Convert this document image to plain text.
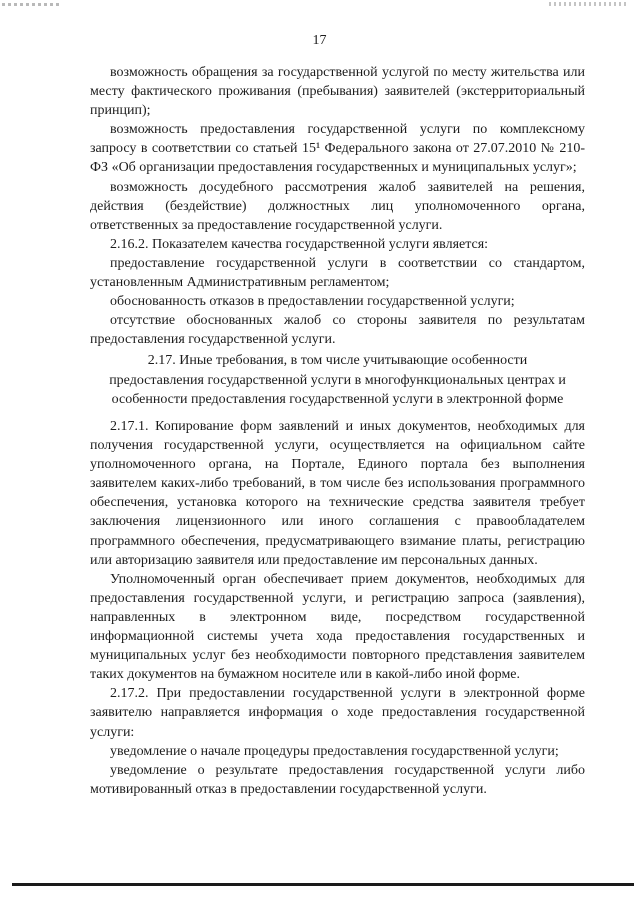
17

возможность обращения за государственной услугой по месту жительства или месту фактического проживания (пребывания) заявителей (экстерриториальный принцип);

возможность предоставления государственной услуги по комплексному запросу в соответствии со статьей 15¹ Федерального закона от 27.07.2010 № 210-ФЗ «Об организации предоставления государственных и муниципальных услуг»;

возможность досудебного рассмотрения жалоб заявителей на решения, действия (бездействие) должностных лиц уполномоченного органа, ответственных за предоставление государственной услуги.

2.16.2. Показателем качества государственной услуги является:

предоставление государственной услуги в соответствии со стандартом, установленным Административным регламентом;

обоснованность отказов в предоставлении государственной услуги;

отсутствие обоснованных жалоб со стороны заявителя по результатам предоставления государственной услуги.

2.17. Иные требования, в том числе учитывающие особенности

предоставления государственной услуги в многофункциональных центрах и

особенности предоставления государственной услуги в электронной форме

2.17.1. Копирование форм заявлений и иных документов, необходимых для получения государственной услуги, осуществляется на официальном сайте уполномоченного органа, на Портале, Единого портала без выполнения заявителем каких-либо требований, в том числе без использования программного обеспечения, установка которого на технические средства заявителя требует заключения лицензионного или иного соглашения с правообладателем программного обеспечения, предусматривающего взимание платы, регистрацию или авторизацию заявителя или предоставление им персональных данных.

Уполномоченный орган обеспечивает прием документов, необходимых для предоставления государственной услуги, и регистрацию запроса (заявления), направленных в электронном виде, посредством государственной информационной системы учета хода предоставления государственных и муниципальных услуг без необходимости повторного представления заявителем таких документов на бумажном носителе или в какой-либо иной форме.

2.17.2. При предоставлении государственной услуги в электронной форме заявителю направляется информация о ходе предоставления государственной услуги:

уведомление о начале процедуры предоставления государственной услуги;

уведомление о результате предоставления государственной услуги либо мотивированный отказ в предоставлении государственной услуги.
